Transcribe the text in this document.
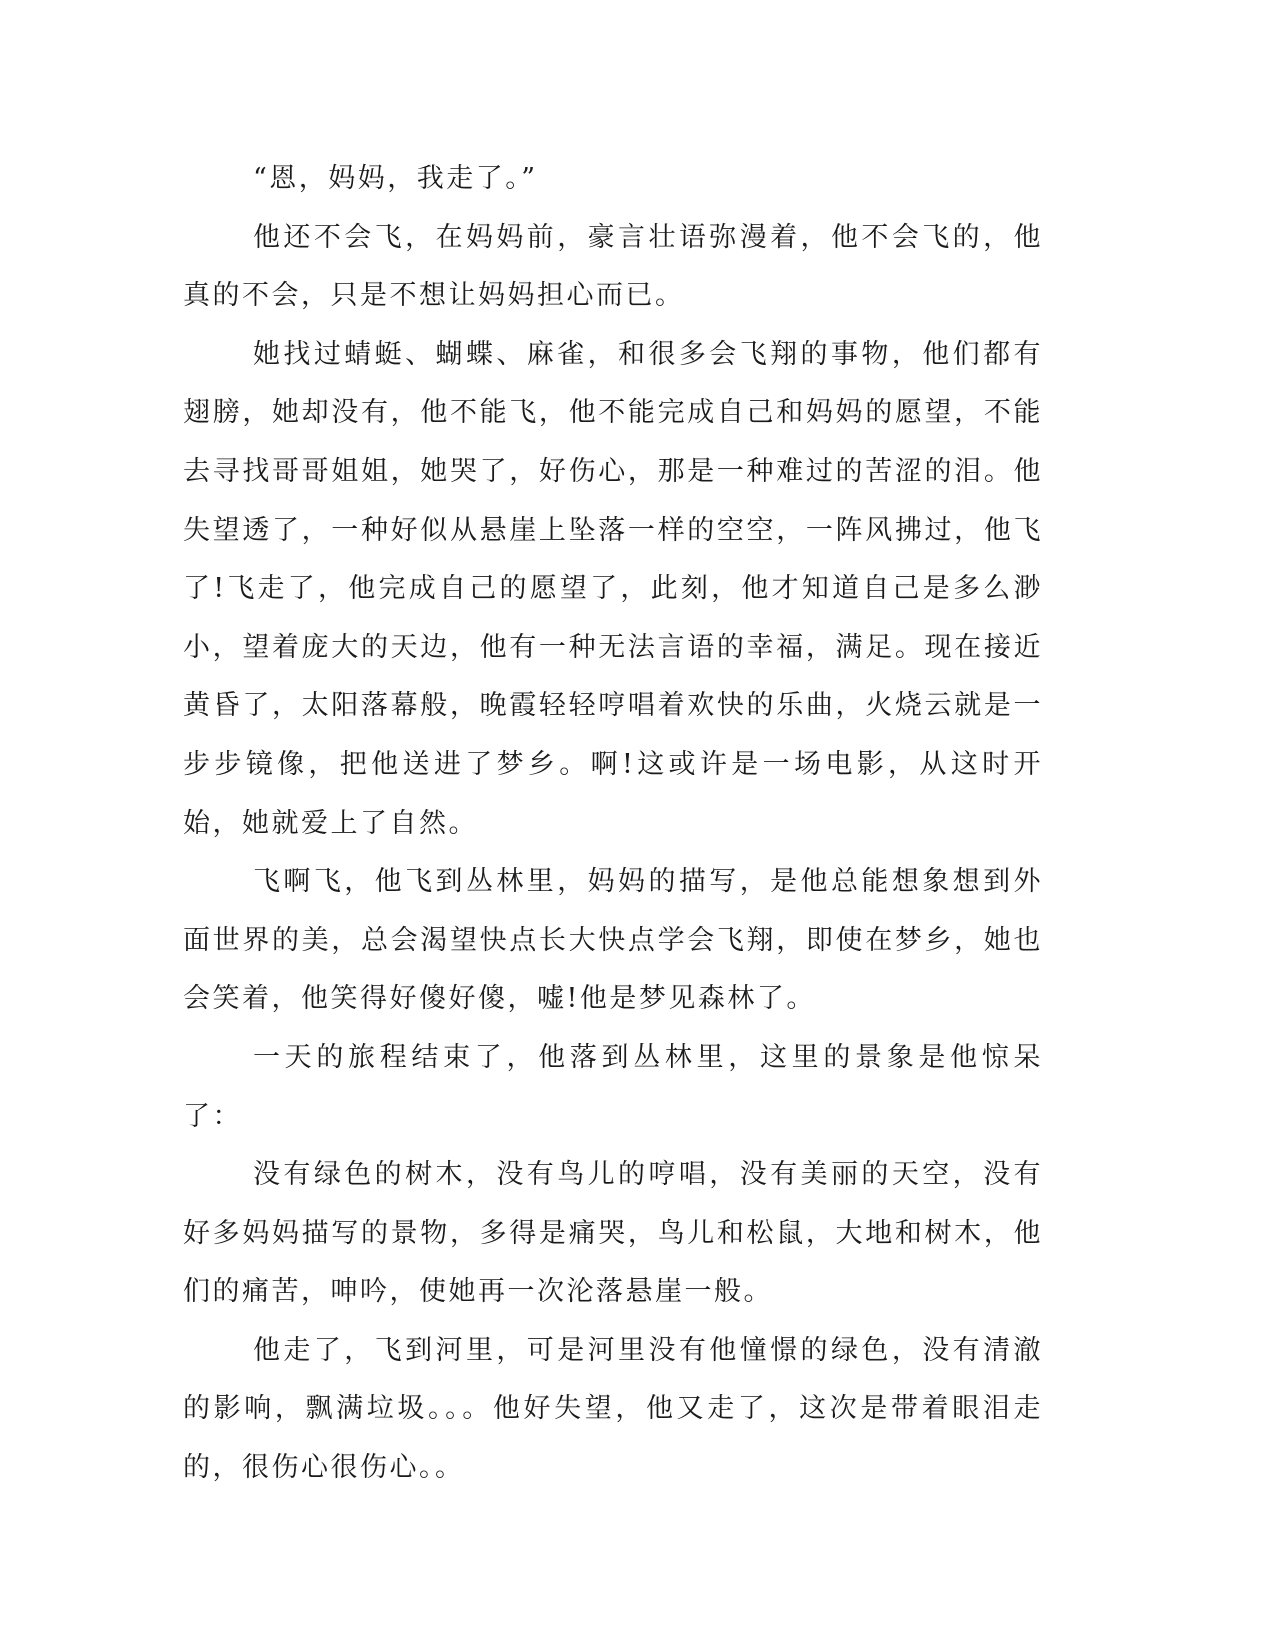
“恩，妈妈，我走了。”

他还不会飞，在妈妈前，豪言壮语弥漫着，他不会飞的，他真的不会，只是不想让妈妈担心而已。

她找过蜻蜓、蝴蝶、麻雀，和很多会飞翔的事物，他们都有翅膀，她却没有，他不能飞，他不能完成自己和妈妈的愿望，不能去寻找哥哥姐姐，她哭了，好伤心，那是一种难过的苦涩的泪。他失望透了，一种好似从悬崖上坠落一样的空空，一阵风拂过，他飞了!飞走了，他完成自己的愿望了，此刻，他才知道自己是多么渺小，望着庞大的天边，他有一种无法言语的幸福，满足。现在接近黄昏了，太阳落幕般，晚霞轻轻哼唱着欢快的乐曲，火烧云就是一步步镜像，把他送进了梦乡。啊!这或许是一场电影，从这时开始，她就爱上了自然。

飞啊飞，他飞到丛林里，妈妈的描写，是他总能想象想到外面世界的美，总会渴望快点长大快点学会飞翔，即使在梦乡，她也会笑着，他笑得好傻好傻，嘘!他是梦见森林了。

一天的旅程结束了，他落到丛林里，这里的景象是他惊呆了：

没有绿色的树木，没有鸟儿的哼唱，没有美丽的天空，没有好多妈妈描写的景物，多得是痛哭，鸟儿和松鼠，大地和树木，他们的痛苦，呻吟，使她再一次沦落悬崖一般。

他走了，飞到河里，可是河里没有他憧憬的绿色，没有清澈的影响，飘满垃圾。。。他好失望，他又走了，这次是带着眼泪走的，很伤心很伤心。。
